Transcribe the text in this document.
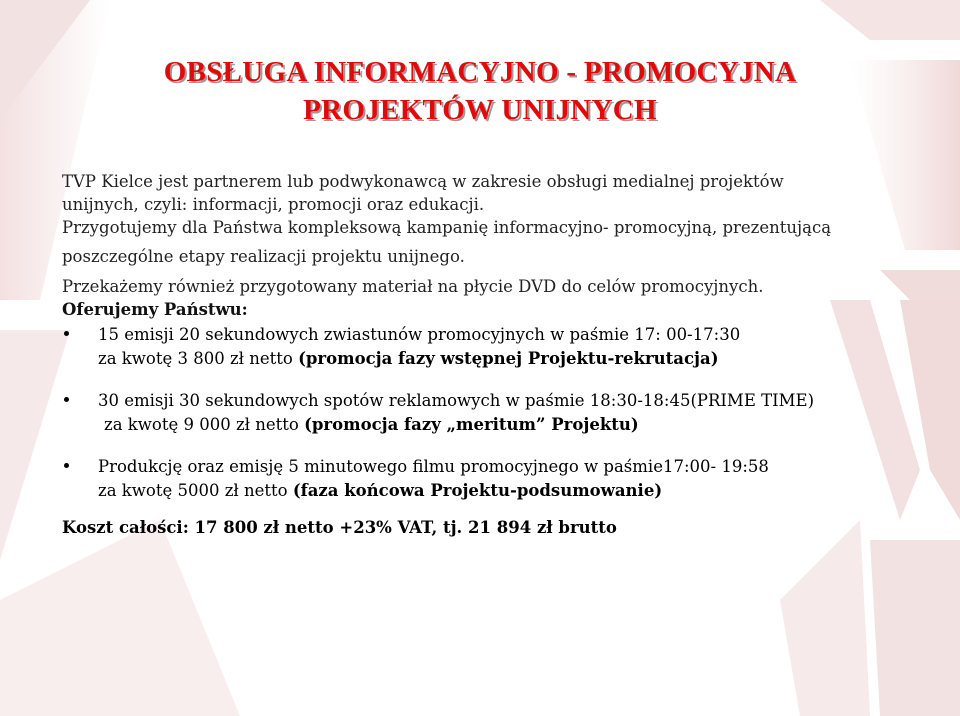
OBSŁUGA INFORMACYJNO - PROMOCYJNA
PROJEKTÓW UNIJNYCH
TVP Kielce jest partnerem lub podwykonawcą w zakresie obsługi medialnej projektów
unijnych, czyli: informacji, promocji oraz edukacji.
Przygotujemy dla Państwa kompleksową kampanię informacyjno- promocyjną, prezentującą
poszczególne etapy realizacji projektu unijnego.
Przekażemy również przygotowany materiał na płycie DVD do celów promocyjnych.
Oferujemy Państwu:
15 emisji 20 sekundowych zwiastunów promocyjnych w paśmie 17: 00-17:30
za kwotę 3 800 zł netto (promocja fazy wstępnej Projektu-rekrutacja)
30 emisji 30 sekundowych spotów reklamowych w paśmie 18:30-18:45(PRIME TIME)
za kwotę 9 000 zł netto (promocja fazy „meritum” Projektu)
Produkcję oraz emisję 5 minutowego filmu promocyjnego w paśmie17:00- 19:58
za kwotę 5000 zł netto (faza końcowa Projektu-podsumowanie)
Koszt całości: 17 800 zł netto +23% VAT, tj. 21 894 zł brutto
